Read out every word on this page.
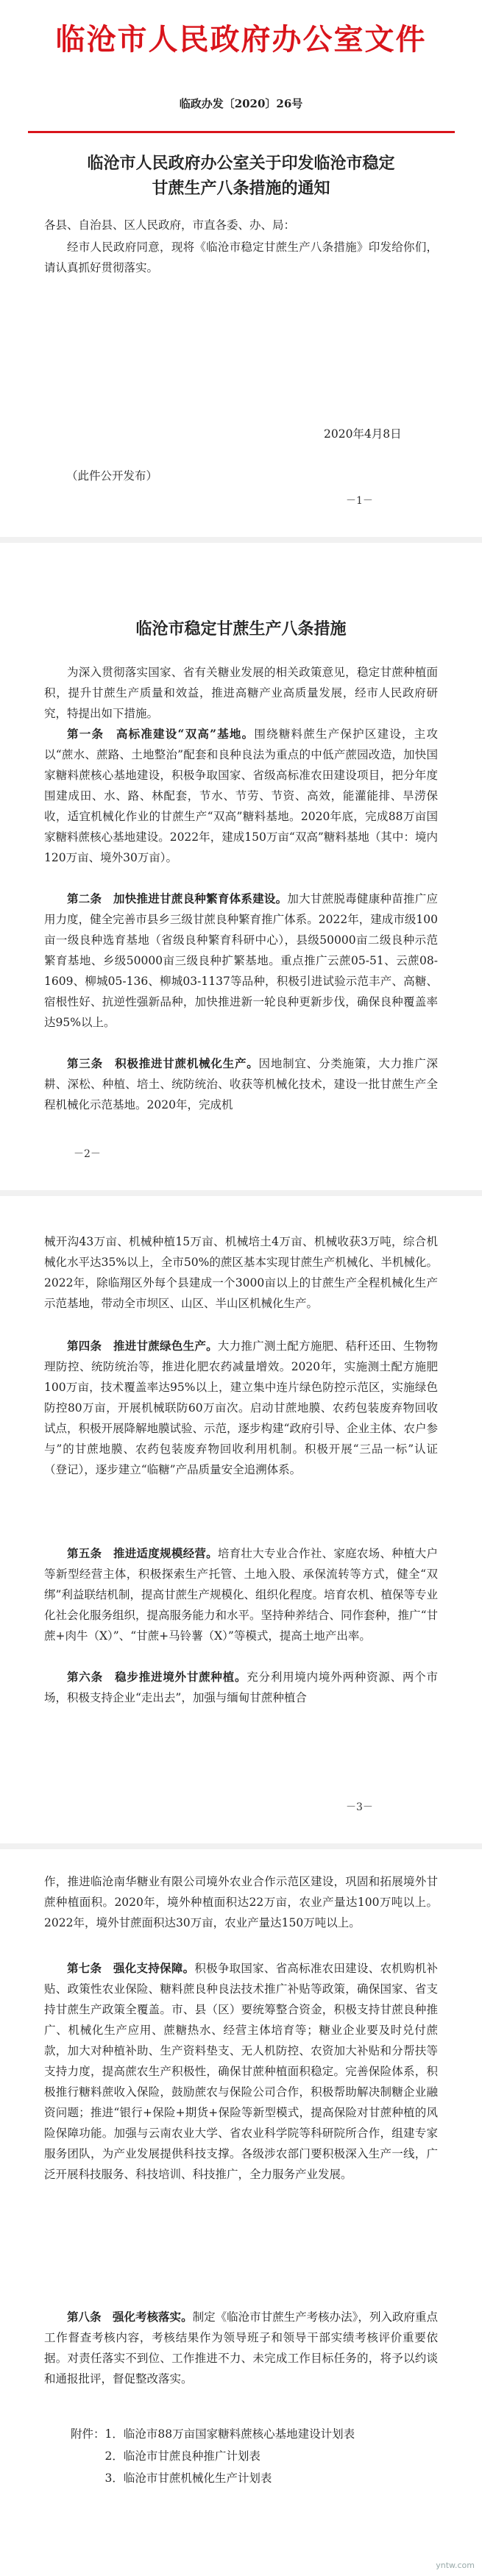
临沧市人民政府办公室文件
临政办发〔2020〕26号
临沧市人民政府办公室关于印发临沧市稳定
甘蔗生产八条措施的通知
各县、自治县、区人民政府，市直各委、办、局：
经市人民政府同意，现将《临沧市稳定甘蔗生产八条措施》印发给你们，请认真抓好贯彻落实。
2020年4月8日
（此件公开发布）
－1－
临沧市稳定甘蔗生产八条措施
为深入贯彻落实国家、省有关糖业发展的相关政策意见，稳定甘蔗种植面积，提升甘蔗生产质量和效益，推进高糖产业高质量发展，经市人民政府研究，特提出如下措施。
第一条　高标准建设“双高”基地。围绕糖料蔗生产保护区建设，主攻以“蔗水、蔗路、土地整治”配套和良种良法为重点的中低产蔗园改造，加快国家糖料蔗核心基地建设，积极争取国家、省级高标准农田建设项目，把分年度围建成田、水、路、林配套，节水、节劳、节资、高效，能灌能排、旱涝保收，适宜机械化作业的甘蔗生产“双高”糖料基地。2020年底，完成88万亩国家糖料蔗核心基地建设。2022年，建成150万亩“双高”糖料基地（其中：境内120万亩、境外30万亩）。
第二条　加快推进甘蔗良种繁育体系建设。加大甘蔗脱毒健康种苗推广应用力度，健全完善市县乡三级甘蔗良种繁育推广体系。2022年，建成市级100亩一级良种选育基地（省级良种繁育科研中心），县级50000亩二级良种示范繁育基地、乡级50000亩三级良种扩繁基地。重点推广云蔗05-51、云蔗08-1609、柳城05-136、柳城03-1137等品种，积极引进试验示范丰产、高糖、宿根性好、抗逆性强新品种，加快推进新一轮良种更新步伐，确保良种覆盖率达95%以上。
第三条　积极推进甘蔗机械化生产。因地制宜、分类施策，大力推广深耕、深松、种植、培土、统防统治、收获等机械化技术，建设一批甘蔗生产全程机械化示范基地。2020年，完成机
－2－
械开沟43万亩、机械种植15万亩、机械培土4万亩、机械收获3万吨，综合机械化水平达35%以上，全市50%的蔗区基本实现甘蔗生产机械化、半机械化。2022年，除临翔区外每个县建成一个3000亩以上的甘蔗生产全程机械化生产示范基地，带动全市坝区、山区、半山区机械化生产。
第四条　推进甘蔗绿色生产。大力推广测土配方施肥、秸秆还田、生物物理防控、统防统治等，推进化肥农药减量增效。2020年，实施测土配方施肥100万亩，技术覆盖率达95%以上，建立集中连片绿色防控示范区，实施绿色防控80万亩，开展机械联防60万亩次。启动甘蔗地膜、农药包装废弃物回收试点，积极开展降解地膜试验、示范，逐步构建“政府引导、企业主体、农户参与”的甘蔗地膜、农药包装废弃物回收利用机制。积极开展“三品一标”认证（登记），逐步建立“临糖”产品质量安全追溯体系。
第五条　推进适度规模经营。培育壮大专业合作社、家庭农场、种植大户等新型经营主体，积极探索生产托管、土地入股、承保流转等方式，健全“双绑”利益联结机制，提高甘蔗生产规模化、组织化程度。培育农机、植保等专业化社会化服务组织，提高服务能力和水平。坚持种养结合、同作套种，推广“甘蔗+肉牛（X）”、“甘蔗+马铃薯（X）”等模式，提高土地产出率。
第六条　稳步推进境外甘蔗种植。充分利用境内境外两种资源、两个市场，积极支持企业“走出去”，加强与缅甸甘蔗种植合
－3－
作，推进临沧南华糖业有限公司境外农业合作示范区建设，巩固和拓展境外甘蔗种植面积。2020年，境外种植面积达22万亩，农业产量达100万吨以上。2022年，境外甘蔗面积达30万亩，农业产量达150万吨以上。
第七条　强化支持保障。积极争取国家、省高标准农田建设、农机购机补贴、政策性农业保险、糖料蔗良种良法技术推广补贴等政策，确保国家、省支持甘蔗生产政策全覆盖。市、县（区）要统筹整合资金，积极支持甘蔗良种推广、机械化生产应用、蔗糖热水、经营主体培育等；糖业企业要及时兑付蔗款，加大对种植补助、生产资料垫支、无人机防控、农资加大补贴和分帮扶等支持力度，提高蔗农生产积极性，确保甘蔗种植面积稳定。完善保险体系，积极推行糖料蔗收入保险，鼓励蔗农与保险公司合作，积极帮助解决制糖企业融资问题；推进“银行+保险+期货+保险等新型模式，提高保险对甘蔗种植的风险保障功能。加强与云南农业大学、省农业科学院等科研院所合作，组建专家服务团队，为产业发展提供科技支撑。各级涉农部门要积极深入生产一线，广泛开展科技服务、科技培训、科技推广，全力服务产业发展。
第八条　强化考核落实。制定《临沧市甘蔗生产考核办法》，列入政府重点工作督查考核内容，考核结果作为领导班子和领导干部实绩考核评价重要依据。对责任落实不到位、工作推进不力、未完成工作目标任务的，将予以约谈和通报批评，督促整改落实。
附件：1．临沧市88万亩国家糖料蔗核心基地建设计划表
2．临沧市甘蔗良种推广计划表
3．临沧市甘蔗机械化生产计划表
yntw.com
